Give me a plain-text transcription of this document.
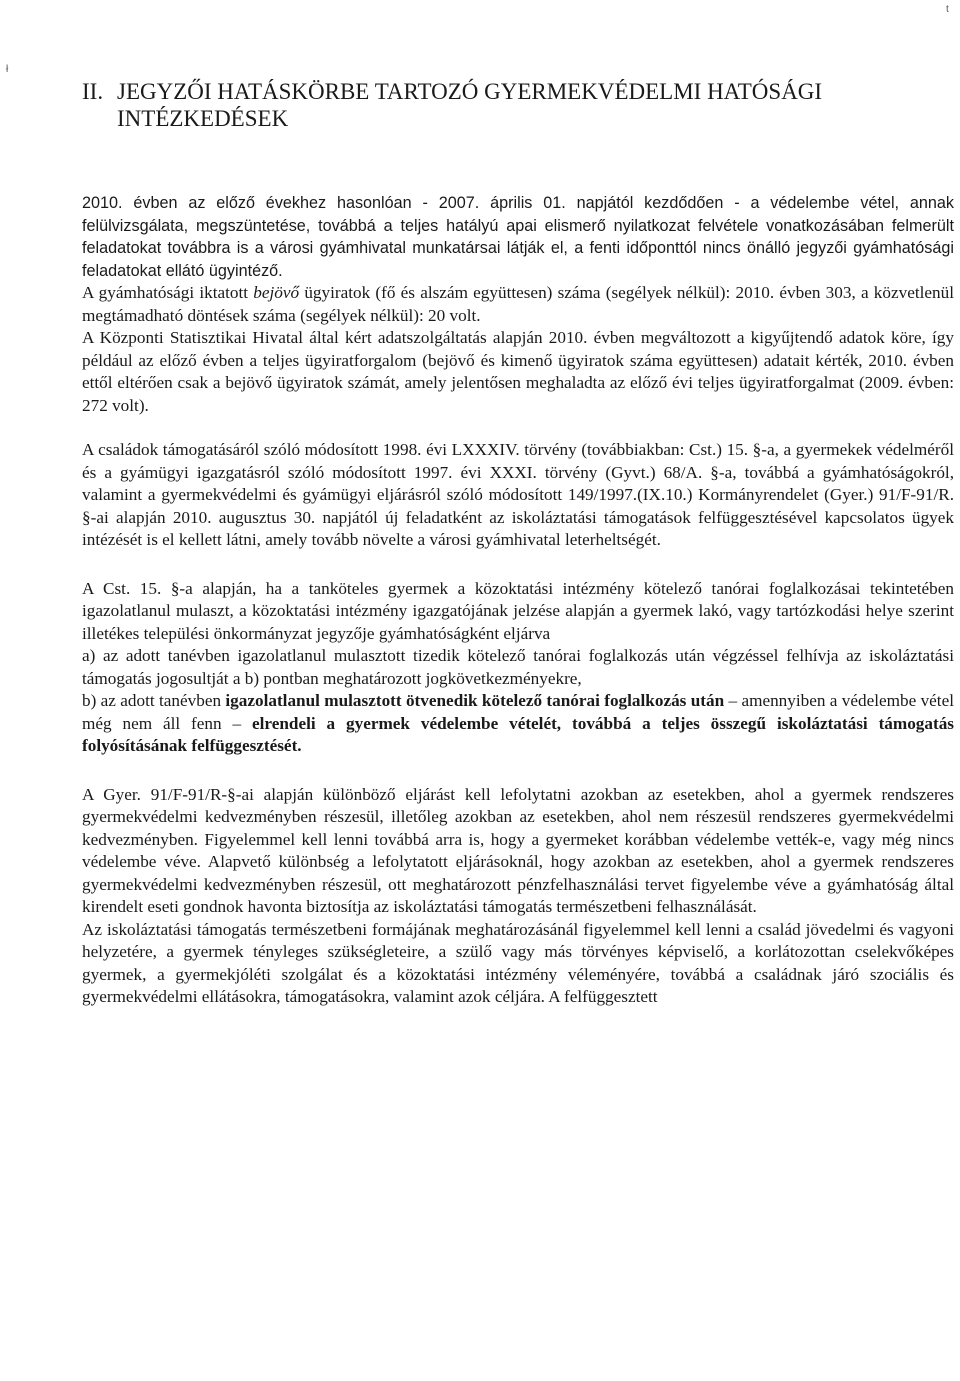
t
ł
II. JEGYZŐI HATÁSKÖRBE TARTOZÓ GYERMEKVÉDELMI HATÓSÁGI INTÉZKEDÉSEK

2010. évben az előző évekhez hasonlóan - 2007. április 01. napjától kezdődően - a védelembe vétel, annak felülvizsgálata, megszüntetése, továbbá a teljes hatályú apai elismerő nyilatkozat felvétele vonatkozásában felmerült feladatokat továbbra is a városi gyámhivatal munkatársai látják el, a fenti időponttól nincs önálló jegyzői gyámhatósági feladatokat ellátó ügyintéző.

A gyámhatósági iktatott bejövő ügyiratok (fő és alszám együttesen) száma (segélyek nélkül): 2010. évben 303, a közvetlenül megtámadható döntések száma (segélyek nélkül): 20 volt.

A Központi Statisztikai Hivatal által kért adatszolgáltatás alapján 2010. évben megváltozott a kigyűjtendő adatok köre, így például az előző évben a teljes ügyiratforgalom (bejövő és kimenő ügyiratok száma együttesen) adatait kérték, 2010. évben ettől eltérően csak a bejövő ügyiratok számát, amely jelentősen meghaladta az előző évi teljes ügyiratforgalmat (2009. évben: 272 volt).

A családok támogatásáról szóló módosított 1998. évi LXXXIV. törvény (továbbiakban: Cst.) 15. §-a, a gyermekek védelméről és a gyámügyi igazgatásról szóló módosított 1997. évi XXXI. törvény (Gyvt.) 68/A. §-a, továbbá a gyámhatóságokról, valamint a gyermekvédelmi és gyámügyi eljárásról szóló módosított 149/1997.(IX.10.) Kormányrendelet (Gyer.) 91/F-91/R. §-ai alapján 2010. augusztus 30. napjától új feladatként az iskoláztatási támogatások felfüggesztésével kapcsolatos ügyek intézését is el kellett látni, amely tovább növelte a városi gyámhivatal leterheltségét.

A Cst. 15. §-a alapján, ha a tanköteles gyermek a közoktatási intézmény kötelező tanórai foglalkozásai tekintetében igazolatlanul mulaszt, a közoktatási intézmény igazgatójának jelzése alapján a gyermek lakó, vagy tartózkodási helye szerint illetékes települési önkormányzat jegyzője gyámhatóságként eljárva

a) az adott tanévben igazolatlanul mulasztott tizedik kötelező tanórai foglalkozás után végzéssel felhívja az iskoláztatási támogatás jogosultját a b) pontban meghatározott jogkövetkezményekre,

b) az adott tanévben igazolatlanul mulasztott ötvenedik kötelező tanórai foglalkozás után – amennyiben a védelembe vétel még nem áll fenn – elrendeli a gyermek védelembe vételét, továbbá a teljes összegű iskoláztatási támogatás folyósításának felfüggesztését.

A Gyer. 91/F-91/R-§-ai alapján különböző eljárást kell lefolytatni azokban az esetekben, ahol a gyermek rendszeres gyermekvédelmi kedvezményben részesül, illetőleg azokban az esetekben, ahol nem részesül rendszeres gyermekvédelmi kedvezményben. Figyelemmel kell lenni továbbá arra is, hogy a gyermeket korábban védelembe vették-e, vagy még nincs védelembe véve. Alapvető különbség a lefolytatott eljárásoknál, hogy azokban az esetekben, ahol a gyermek rendszeres gyermekvédelmi kedvezményben részesül, ott meghatározott pénzfelhasználási tervet figyelembe véve a gyámhatóság által kirendelt eseti gondnok havonta biztosítja az iskoláztatási támogatás természetbeni felhasználását.

Az iskoláztatási támogatás természetbeni formájának meghatározásánál figyelemmel kell lenni a család jövedelmi és vagyoni helyzetére, a gyermek tényleges szükségleteire, a szülő vagy más törvényes képviselő, a korlátozottan cselekvőképes gyermek, a gyermekjóléti szolgálat és a közoktatási intézmény véleményére, továbbá a családnak járó szociális és gyermekvédelmi ellátásokra, támogatásokra, valamint azok céljára. A felfüggesztett
